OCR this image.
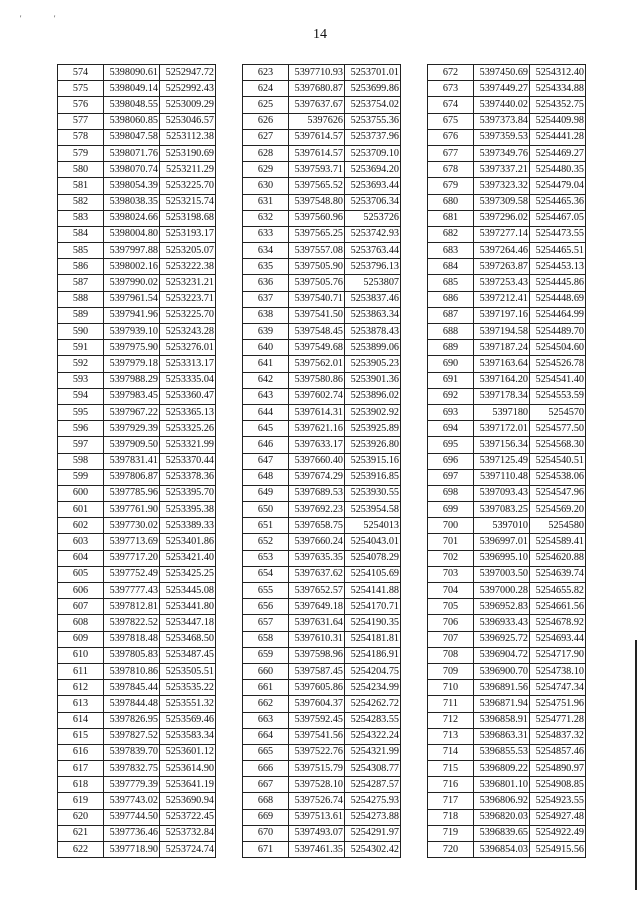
'	'
14
574	5398090.61	5252947.72
575	5398049.14	5252992.43
576	5398048.55	5253009.29
577	5398060.85	5253046.57
578	5398047.58	5253112.38
579	5398071.76	5253190.69
580	5398070.74	5253211.29
581	5398054.39	5253225.70
582	5398038.35	5253215.74
583	5398024.66	5253198.68
584	5398004.80	5253193.17
585	5397997.88	5253205.07
586	5398002.16	5253222.38
587	5397990.02	5253231.21
588	5397961.54	5253223.71
589	5397941.96	5253225.70
590	5397939.10	5253243.28
591	5397975.90	5253276.01
592	5397979.18	5253313.17
593	5397988.29	5253335.04
594	5397983.45	5253360.47
595	5397967.22	5253365.13
596	5397929.39	5253325.26
597	5397909.50	5253321.99
598	5397831.41	5253370.44
599	5397806.87	5253378.36
600	5397785.96	5253395.70
601	5397761.90	5253395.38
602	5397730.02	5253389.33
603	5397713.69	5253401.86
604	5397717.20	5253421.40
605	5397752.49	5253425.25
606	5397777.43	5253445.08
607	5397812.81	5253441.80
608	5397822.52	5253447.18
609	5397818.48	5253468.50
610	5397805.83	5253487.45
611	5397810.86	5253505.51
612	5397845.44	5253535.22
613	5397844.48	5253551.32
614	5397826.95	5253569.46
615	5397827.52	5253583.34
616	5397839.70	5253601.12
617	5397832.75	5253614.90
618	5397779.39	5253641.19
619	5397743.02	5253690.94
620	5397744.50	5253722.45
621	5397736.46	5253732.84
622	5397718.90	5253724.74
623	5397710.93	5253701.01
624	5397680.87	5253699.86
625	5397637.67	5253754.02
626	5397626	5253755.36
627	5397614.57	5253737.96
628	5397614.57	5253709.10
629	5397593.71	5253694.20
630	5397565.52	5253693.44
631	5397548.80	5253706.34
632	5397560.96	5253726
633	5397565.25	5253742.93
634	5397557.08	5253763.44
635	5397505.90	5253796.13
636	5397505.76	5253807
637	5397540.71	5253837.46
638	5397541.50	5253863.34
639	5397548.45	5253878.43
640	5397549.68	5253899.06
641	5397562.01	5253905.23
642	5397580.86	5253901.36
643	5397602.74	5253896.02
644	5397614.31	5253902.92
645	5397621.16	5253925.89
646	5397633.17	5253926.80
647	5397660.40	5253915.16
648	5397674.29	5253916.85
649	5397689.53	5253930.55
650	5397692.23	5253954.58
651	5397658.75	5254013
652	5397660.24	5254043.01
653	5397635.35	5254078.29
654	5397637.62	5254105.69
655	5397652.57	5254141.88
656	5397649.18	5254170.71
657	5397631.64	5254190.35
658	5397610.31	5254181.81
659	5397598.96	5254186.91
660	5397587.45	5254204.75
661	5397605.86	5254234.99
662	5397604.37	5254262.72
663	5397592.45	5254283.55
664	5397541.56	5254322.24
665	5397522.76	5254321.99
666	5397515.79	5254308.77
667	5397528.10	5254287.57
668	5397526.74	5254275.93
669	5397513.61	5254273.88
670	5397493.07	5254291.97
671	5397461.35	5254302.42
672	5397450.69	5254312.40
673	5397449.27	5254334.88
674	5397440.02	5254352.75
675	5397373.84	5254409.98
676	5397359.53	5254441.28
677	5397349.76	5254469.27
678	5397337.21	5254480.35
679	5397323.32	5254479.04
680	5397309.58	5254465.36
681	5397296.02	5254467.05
682	5397277.14	5254473.55
683	5397264.46	5254465.51
684	5397263.87	5254453.13
685	5397253.43	5254445.86
686	5397212.41	5254448.69
687	5397197.16	5254464.99
688	5397194.58	5254489.70
689	5397187.24	5254504.60
690	5397163.64	5254526.78
691	5397164.20	5254541.40
692	5397178.34	5254553.59
693	5397180	5254570
694	5397172.01	5254577.50
695	5397156.34	5254568.30
696	5397125.49	5254540.51
697	5397110.48	5254538.06
698	5397093.43	5254547.96
699	5397083.25	5254569.20
700	5397010	5254580
701	5396997.01	5254589.41
702	5396995.10	5254620.88
703	5397003.50	5254639.74
704	5397000.28	5254655.82
705	5396952.83	5254661.56
706	5396933.43	5254678.92
707	5396925.72	5254693.44
708	5396904.72	5254717.90
709	5396900.70	5254738.10
710	5396891.56	5254747.34
711	5396871.94	5254751.96
712	5396858.91	5254771.28
713	5396863.31	5254837.32
714	5396855.53	5254857.46
715	5396809.22	5254890.97
716	5396801.10	5254908.85
717	5396806.92	5254923.55
718	5396820.03	5254927.48
719	5396839.65	5254922.49
720	5396854.03	5254915.56
